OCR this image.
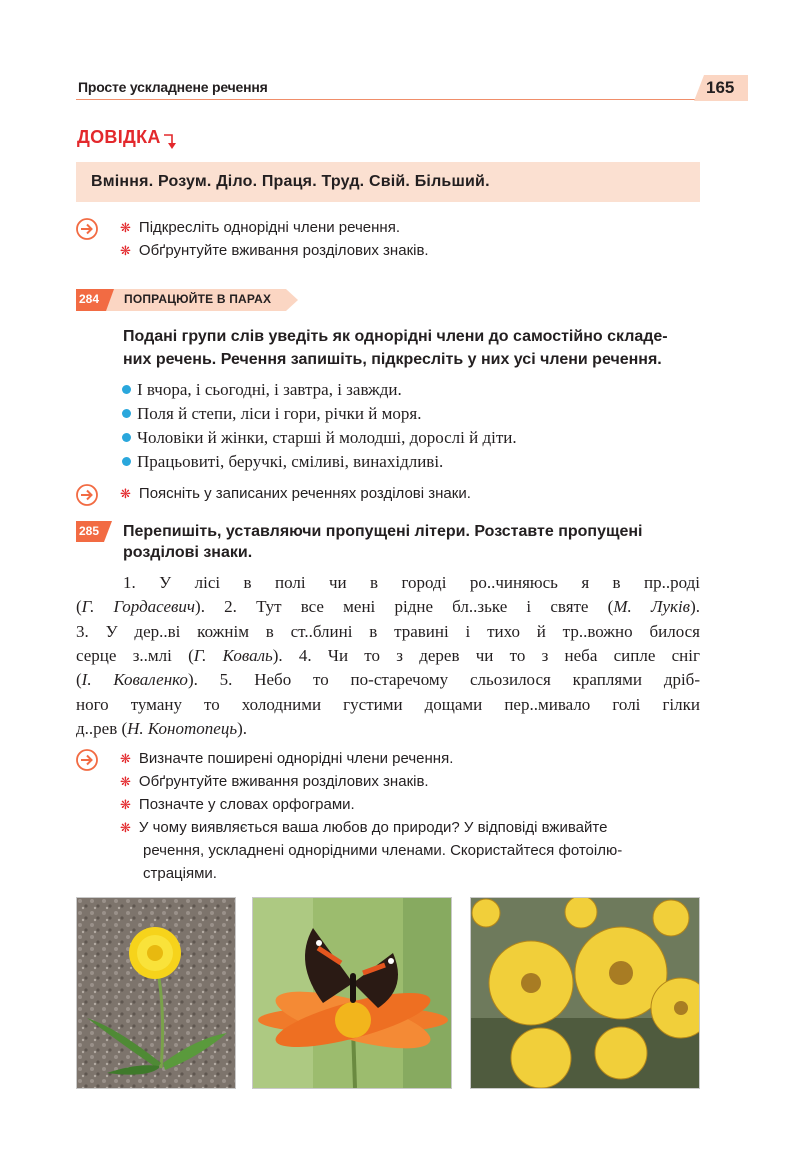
Просте ускладнене речення	165
ДОВІДКА
Вміння. Розум. Діло. Праця. Труд. Свій. Більший.
❋ Підкресліть однорідні члени речення.
❋ Обґрунтуйте вживання розділових знаків.
284 ПОПРАЦЮЙТЕ В ПАРАХ
Подані групи слів уведіть як однорідні члени до самостійно складе-
них речень. Речення запишіть, підкресліть у них усі члени речення.
І вчора, і сьогодні, і завтра, і завжди.
Поля й степи, ліси і гори, річки й моря.
Чоловіки й жінки, старші й молодші, дорослі й діти.
Працьовиті, беручкі, сміливі, винахідливі.
❋ Поясніть у записаних реченнях розділові знаки.
285 Перепишіть, уставляючи пропущені літери. Розставте пропущені
розділові знаки.
1. У лісі в полі чи в городі ро..чиняюсь я в пр..роді
(Г. Гордасевич). 2. Тут все мені рідне бл..зьке і святе (М. Луків).
3. У дер..ві кожнім в ст..блині в травині і тихо й тр..вожно билося
серце з..млі (Г. Коваль). 4. Чи то з дерев чи то з неба сипле сніг
(І. Коваленко). 5. Небо то по-старечому сльозилося краплями дріб-
ного туману то холодними густими дощами пер..мивало голі гілки
д..рев (Н. Конотопець).
❋ Визначте поширені однорідні члени речення.
❋ Обґрунтуйте вживання розділових знаків.
❋ Позначте у словах орфограми.
❋ У чому виявляється ваша любов до природи? У відповіді вживайте
речення, ускладнені однорідними членами. Скористайтеся фотоілю-
страціями.
